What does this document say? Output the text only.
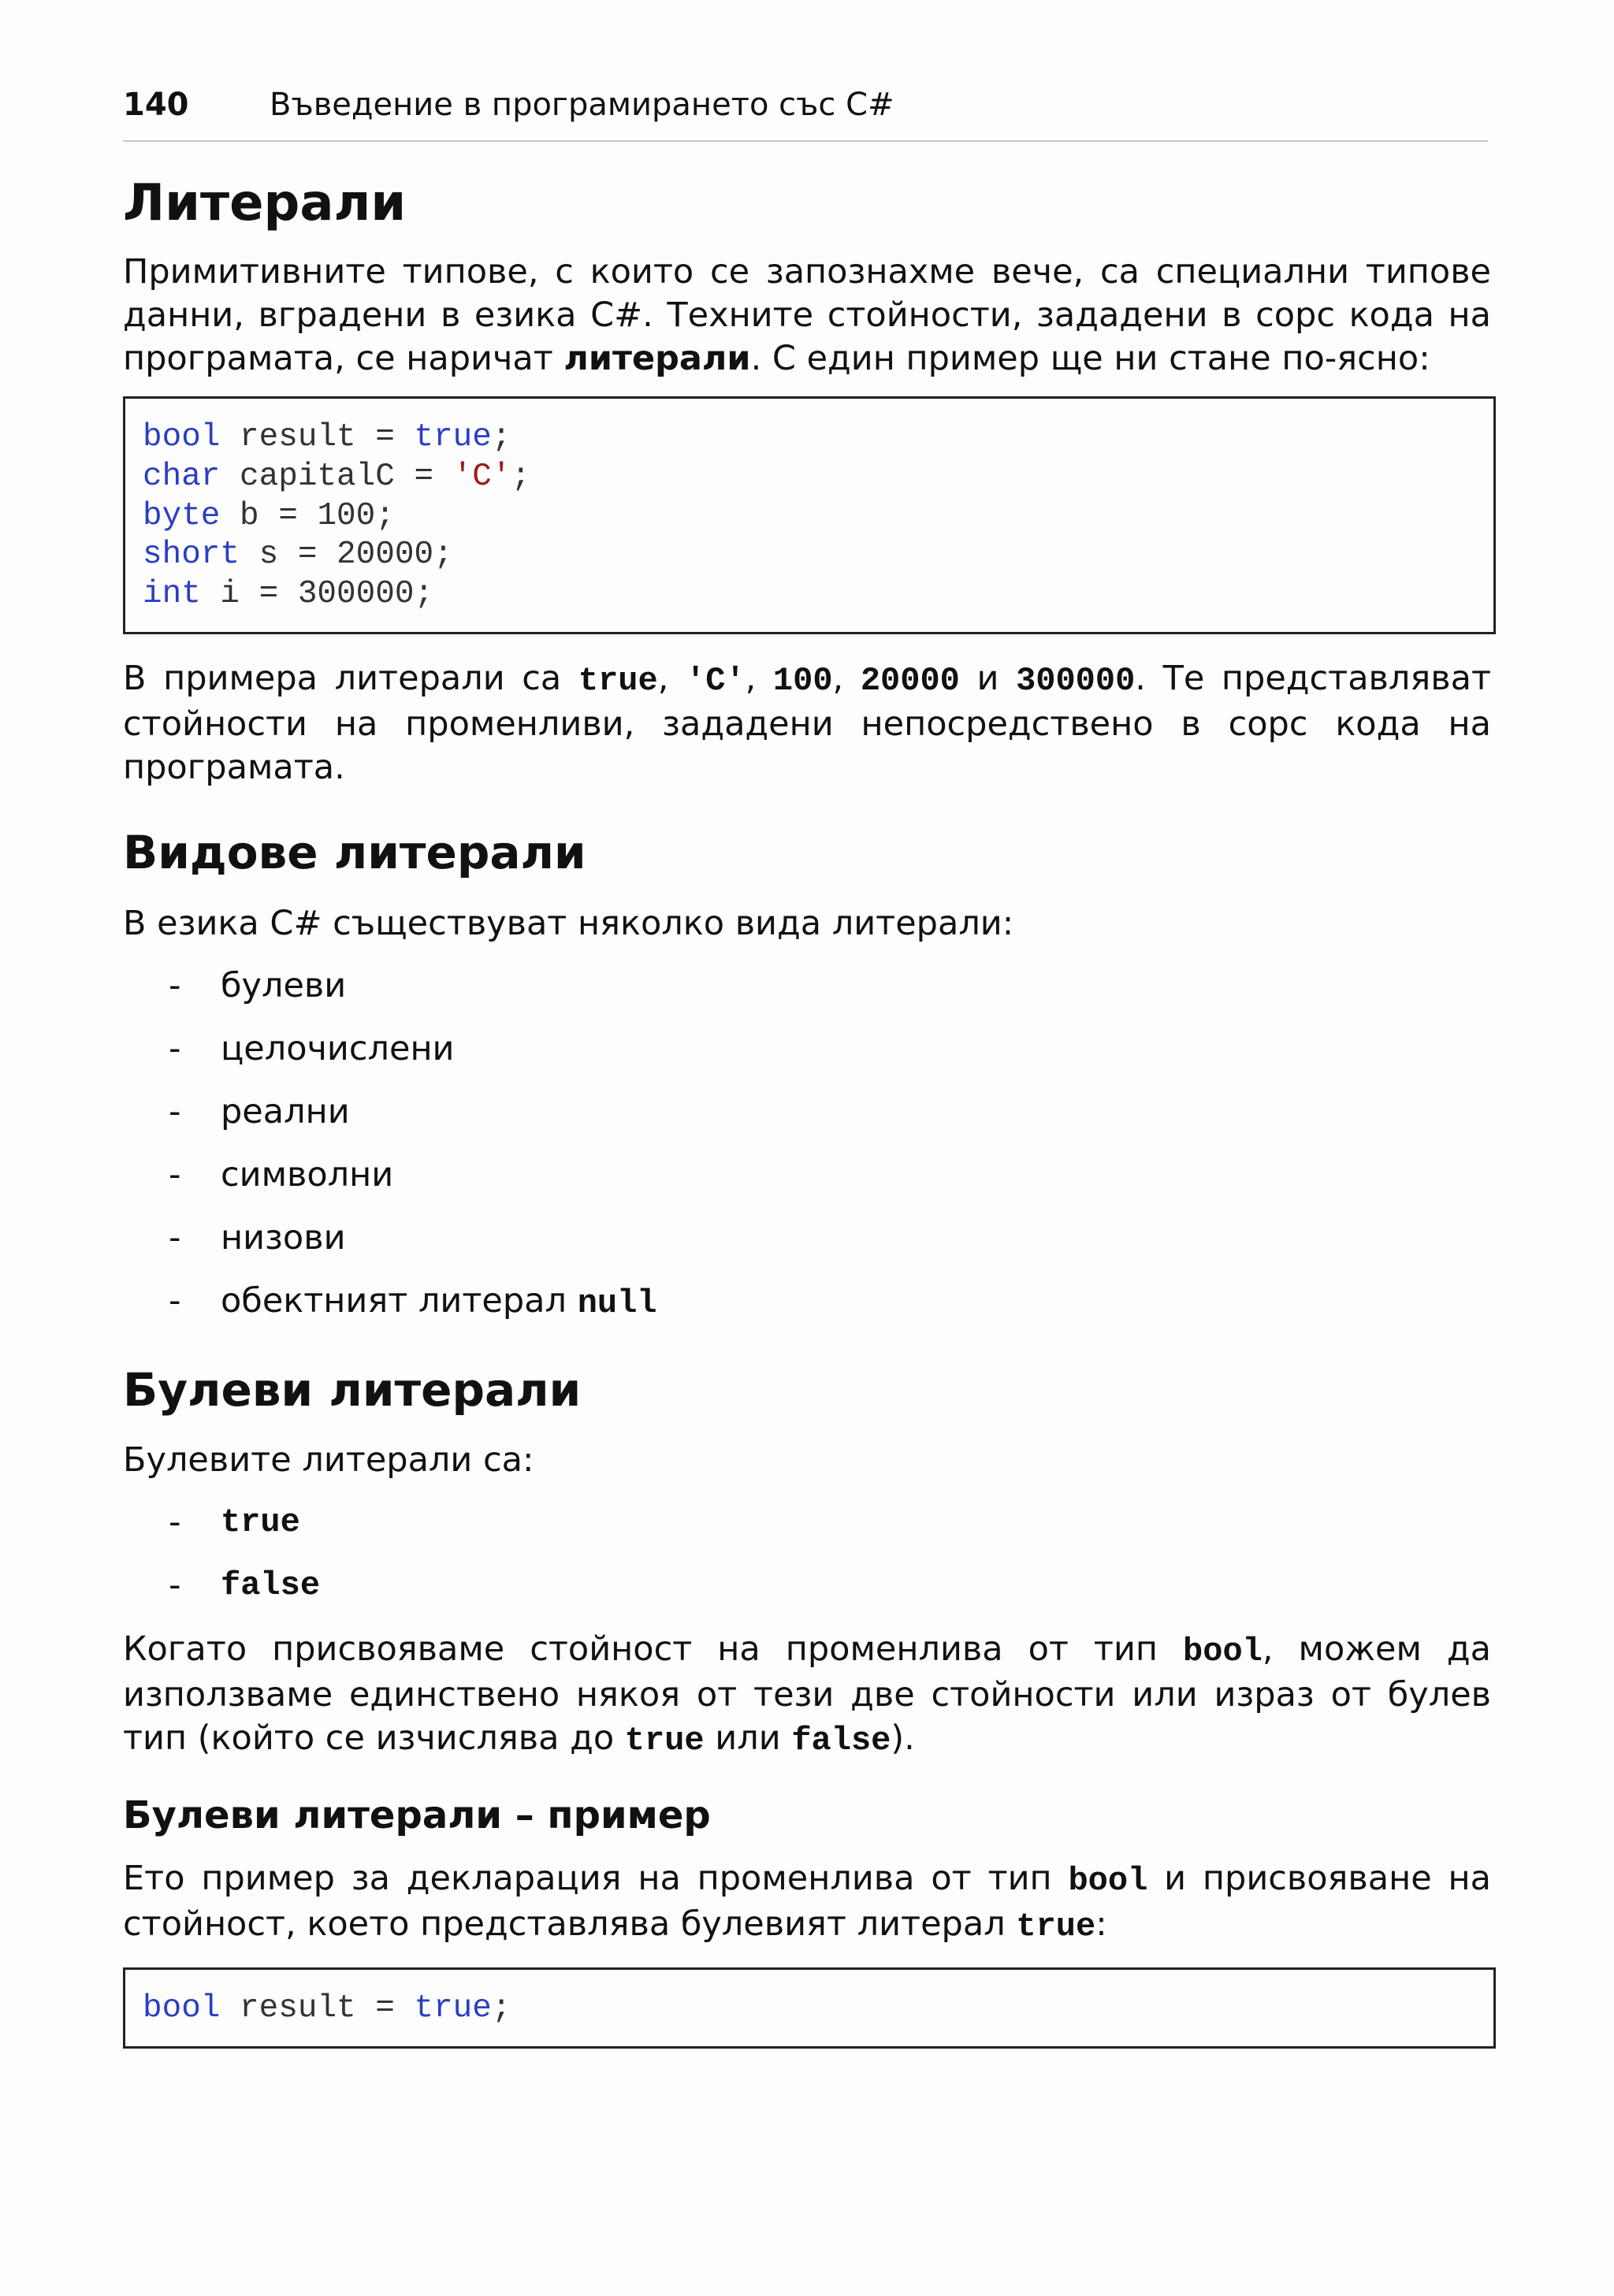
140	Въведение в програмирането със C#
Литерали

Примитивните типове, с които се запознахме вече, са специални типове данни, вградени в езика C#. Техните стойности, зададени в сорс кода на програмата, се наричат литерали. С един пример ще ни стане по-ясно:

bool result = true;
char capitalC = 'C';
byte b = 100;
short s = 20000;
int i = 300000;

В примера литерали са true, 'C', 100, 20000 и 300000. Те представляват стойности на променливи, зададени непосредствено в сорс кода на програмата.

Видове литерали

В езика C# съществуват няколко вида литерали:

- булеви
- целочислени
- реални
- символни
- низови
- обектният литерал null
Булеви литерали

Булевите литерали са:

- true
- false

Когато присвояваме стойност на променлива от тип bool, можем да използваме единствено някоя от тези две стойности или израз от булев тип (който се изчислява до true или false).

Булеви литерали – пример

Ето пример за декларация на променлива от тип bool и присвояване на стойност, което представлява булевият литерал true:

bool result = true;
